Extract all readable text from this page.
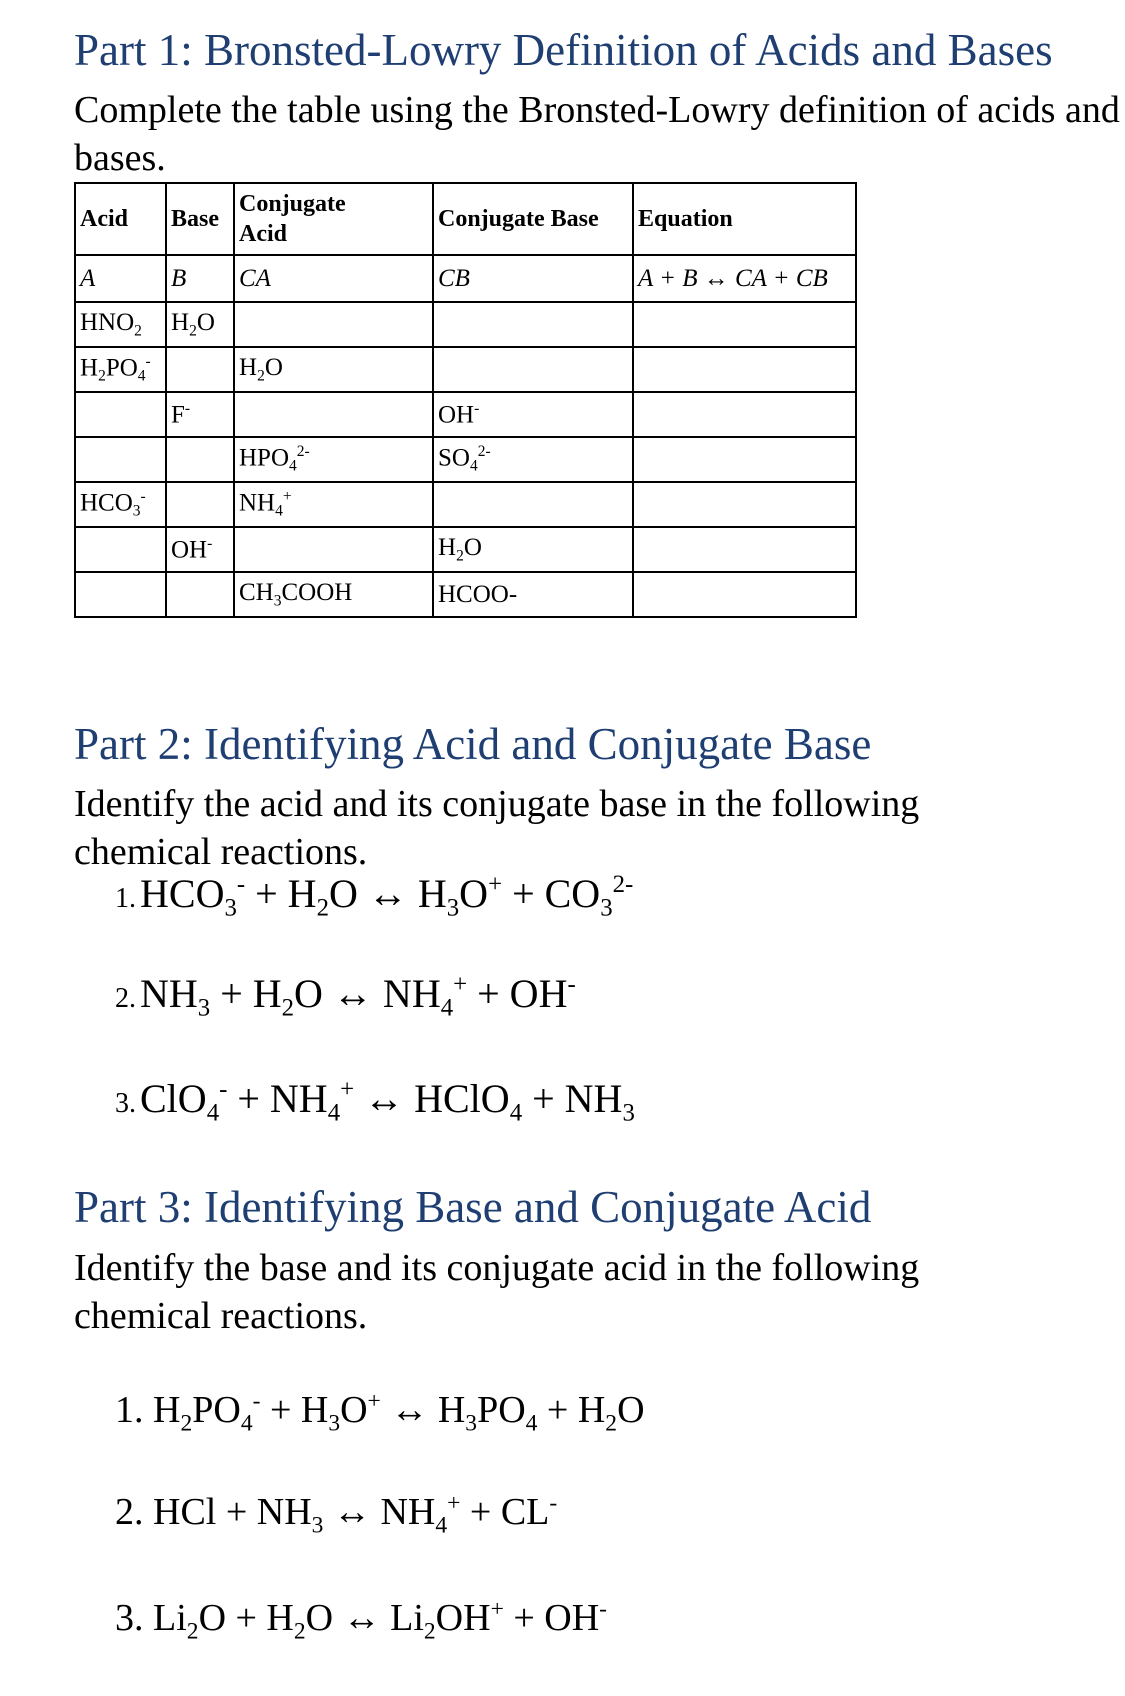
Part 1: Bronsted-Lowry Definition of Acids and Bases

Complete the table using the Bronsted-Lowry definition of acids and bases.

Acid	Base	Conjugate Acid	Conjugate Base	Equation
A	B	CA	CB	A + B ↔ CA + CB
$HNO_2$	$H_2O$			
$H_2PO_4^-$		$H_2O$		
	F-		OH-	
		$HPO_4^{2-}$	$SO_4^{2-}$	
$HCO_3^-$		$NH_4^+$		
	OH-		$H_2O$	
		$CH_3COOH$	HCOO-	
Part 2: Identifying Acid and Conjugate Base

Identify the acid and its conjugate base in the following chemical reactions.

1. $HCO_3^- + H_2O$ ↔ $H_3O^+ + CO_3^{2-}$
2. $NH_3 + H_2O$ ↔ $NH_4^+ + OH^-$
3. $ClO_4^- + NH_4^+$ ↔ HClO$_4$ + $NH_3$
Part 3: Identifying Base and Conjugate Acid

Identify the base and its conjugate acid in the following chemical reactions.

1. $H_2PO_4^- + H_3O^+$ ↔ $H_3PO_4 + H_2O$
2. HCl + $NH_3$ ↔ $NH_4^+ + CL^-$
3. $Li_2O + H_2O$ ↔ $Li_2OH^+ + OH^-$
